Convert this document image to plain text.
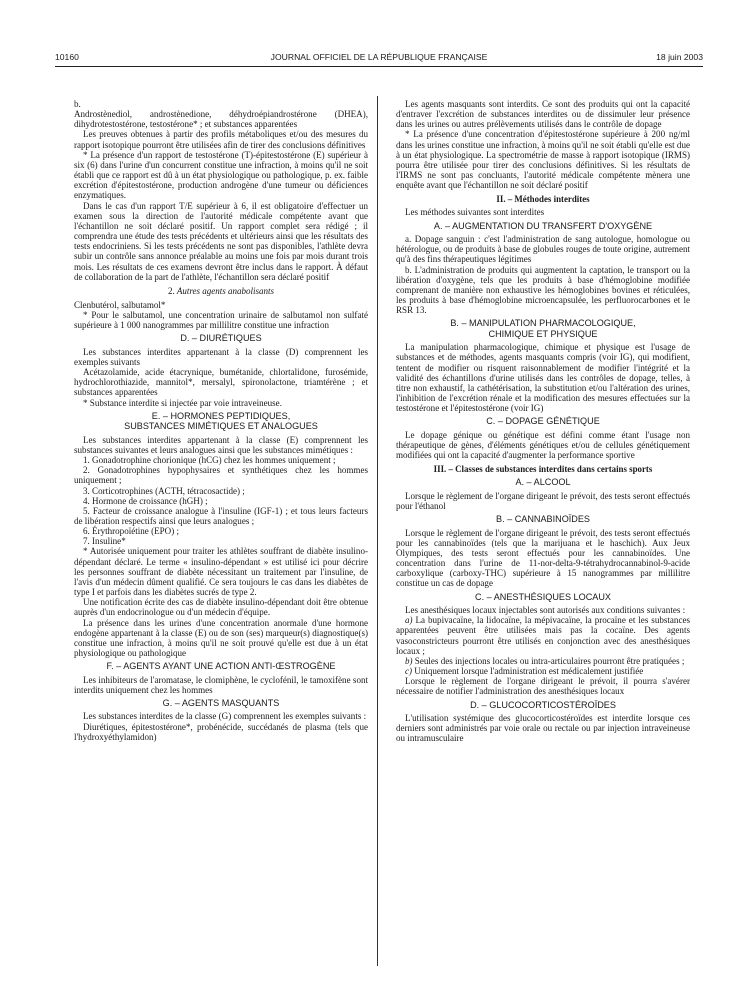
10160	JOURNAL OFFICIEL DE LA RÉPUBLIQUE FRANÇAISE	18 juin 2003

b.

Androstènediol, androstènedione, déhydroépiandrostérone (DHEA), dihydrotestostérone, testostérone* ; et substances apparentées

Les preuves obtenues à partir des profils métaboliques et/ou des mesures du rapport isotopique pourront être utilisées afin de tirer des conclusions définitives

* La présence d'un rapport de testostérone (T)-épitestostérone (E) supérieur à six (6) dans l'urine d'un concurrent constitue une infraction, à moins qu'il ne soit établi que ce rapport est dû à un état physiologique ou pathologique, p. ex. faible excrétion d'épitestostérone, production androgène d'une tumeur ou déficiences enzymatiques.

Dans le cas d'un rapport T/E supérieur à 6, il est obligatoire d'effectuer un examen sous la direction de l'autorité médicale compétente avant que l'échantillon ne soit déclaré positif. Un rapport complet sera rédigé ; il comprendra une étude des tests précédents et ultérieurs ainsi que les résultats des tests endocriniens. Si les tests précédents ne sont pas disponibles, l'athlète devra subir un contrôle sans annonce préalable au moins une fois par mois durant trois mois. Les résultats de ces examens devront être inclus dans le rapport. À défaut de collaboration de la part de l'athlète, l'échantillon sera déclaré positif

2. Autres agents anabolisants

Clenbutérol, salbutamol*

* Pour le salbutamol, une concentration urinaire de salbutamol non sulfaté supérieure à 1 000 nanogrammes par millilitre constitue une infraction

D. – DIURÉTIQUES

Les substances interdites appartenant à la classe (D) comprennent les exemples suivants

Acétazolamide, acide étacrynique, bumétanide, chlortalidone, furosémide, hydrochlorothiazide, mannitol*, mersalyl, spironolactone, triamtérène ; et substances apparentées

* Substance interdite si injectée par voie intraveineuse.

E. – HORMONES PEPTIDIQUES,
SUBSTANCES MIMÉTIQUES ET ANALOGUES

Les substances interdites appartenant à la classe (E) comprennent les substances suivantes et leurs analogues ainsi que les substances mimétiques :

1. Gonadotrophine chorionique (hCG) chez les hommes uniquement ;

2. Gonadotrophines hypophysaires et synthétiques chez les hommes uniquement ;

3. Corticotrophines (ACTH, tétracosactide) ;

4. Hormone de croissance (hGH) ;

5. Facteur de croissance analogue à l'insuline (IGF-1) ; et tous leurs facteurs de libération respectifs ainsi que leurs analogues ;

6. Érythropoïétine (EPO) ;

7. Insuline*

* Autorisée uniquement pour traiter les athlètes souffrant de diabète insulino-dépendant déclaré. Le terme « insulino-dépendant » est utilisé ici pour décrire les personnes souffrant de diabète nécessitant un traitement par l'insuline, de l'avis d'un médecin dûment qualifié. Ce sera toujours le cas dans les diabètes de type I et parfois dans les diabètes sucrés de type 2.

Une notification écrite des cas de diabète insulino-dépendant doit être obtenue auprès d'un endocrinologue ou d'un médecin d'équipe.

La présence dans les urines d'une concentration anormale d'une hormone endogène appartenant à la classe (E) ou de son (ses) marqueur(s) diagnostique(s) constitue une infraction, à moins qu'il ne soit prouvé qu'elle est due à un état physiologique ou pathologique

F. – AGENTS AYANT UNE ACTION ANTI-ŒSTROGÈNE

Les inhibiteurs de l'aromatase, le clomiphène, le cyclofénil, le tamoxifène sont interdits uniquement chez les hommes

G. – AGENTS MASQUANTS

Les substances interdites de la classe (G) comprennent les exemples suivants :

Diurétiques, épitestostérone*, probénécide, succédanés de plasma (tels que l'hydroxyéthylamidon)

Les agents masquants sont interdits. Ce sont des produits qui ont la capacité d'entraver l'excrétion de substances interdites ou de dissimuler leur présence dans les urines ou autres prélèvements utilisés dans le contrôle de dopage

* La présence d'une concentration d'épitestostérone supérieure à 200 ng/ml dans les urines constitue une infraction, à moins qu'il ne soit établi qu'elle est due à un état physiologique. La spectrométrie de masse à rapport isotopique (IRMS) pourra être utilisée pour tirer des conclusions définitives. Si les résultats de l'IRMS ne sont pas concluants, l'autorité médicale compétente mènera une enquête avant que l'échantillon ne soit déclaré positif

II. – Méthodes interdites

Les méthodes suivantes sont interdites

A. – AUGMENTATION DU TRANSFERT D'OXYGÈNE

a. Dopage sanguin : c'est l'administration de sang autologue, homologue ou hétérologue, ou de produits à base de globules rouges de toute origine, autrement qu'à des fins thérapeutiques légitimes

b. L'administration de produits qui augmentent la captation, le transport ou la libération d'oxygène, tels que les produits à base d'hémoglobine modifiée comprenant de manière non exhaustive les hémoglobines bovines et réticulées, les produits à base d'hémoglobine microencapsulée, les perfluorocarbones et le RSR 13.

B. – MANIPULATION PHARMACOLOGIQUE,
CHIMIQUE ET PHYSIQUE

La manipulation pharmacologique, chimique et physique est l'usage de substances et de méthodes, agents masquants compris (voir IG), qui modifient, tentent de modifier ou risquent raisonnablement de modifier l'intégrité et la validité des échantillons d'urine utilisés dans les contrôles de dopage, telles, à titre non exhaustif, la cathétérisation, la substitution et/ou l'altération des urines, l'inhibition de l'excrétion rénale et la modification des mesures effectuées sur la testostérone et l'épitestostérone (voir IG)

C. – DOPAGE GÉNÉTIQUE

Le dopage génique ou génétique est défini comme étant l'usage non thérapeutique de gènes, d'éléments génétiques et/ou de cellules génétiquement modifiées qui ont la capacité d'augmenter la performance sportive

III. – Classes de substances interdites dans certains sports
A. – ALCOOL

Lorsque le règlement de l'organe dirigeant le prévoit, des tests seront effectués pour l'éthanol

B. – CANNABINOÏDES

Lorsque le règlement de l'organe dirigeant le prévoit, des tests seront effectués pour les cannabinoïdes (tels que la marijuana et le haschich). Aux Jeux Olympiques, des tests seront effectués pour les cannabinoïdes. Une concentration dans l'urine de 11-nor-delta-9-tétrahydrocannabinol-9-acide carboxylique (carboxy-THC) supérieure à 15 nanogrammes par millilitre constitue un cas de dopage

C. – ANESTHÉSIQUES LOCAUX

Les anesthésiques locaux injectables sont autorisés aux conditions suivantes :

a) La bupivacaïne, la lidocaïne, la mépivacaïne, la procaïne et les substances apparentées peuvent être utilisées mais pas la cocaïne. Des agents vasoconstricteurs pourront être utilisés en conjonction avec des anesthésiques locaux ;

b) Seules des injections locales ou intra-articulaires pourront être pratiquées ;

c) Uniquement lorsque l'administration est médicalement justifiée

Lorsque le règlement de l'organe dirigeant le prévoit, il pourra s'avérer nécessaire de notifier l'administration des anesthésiques locaux

D. – GLUCOCORTICOSTÉROÏDES

L'utilisation systémique des glucocorticostéroïdes est interdite lorsque ces derniers sont administrés par voie orale ou rectale ou par injection intraveineuse ou intramusculaire
